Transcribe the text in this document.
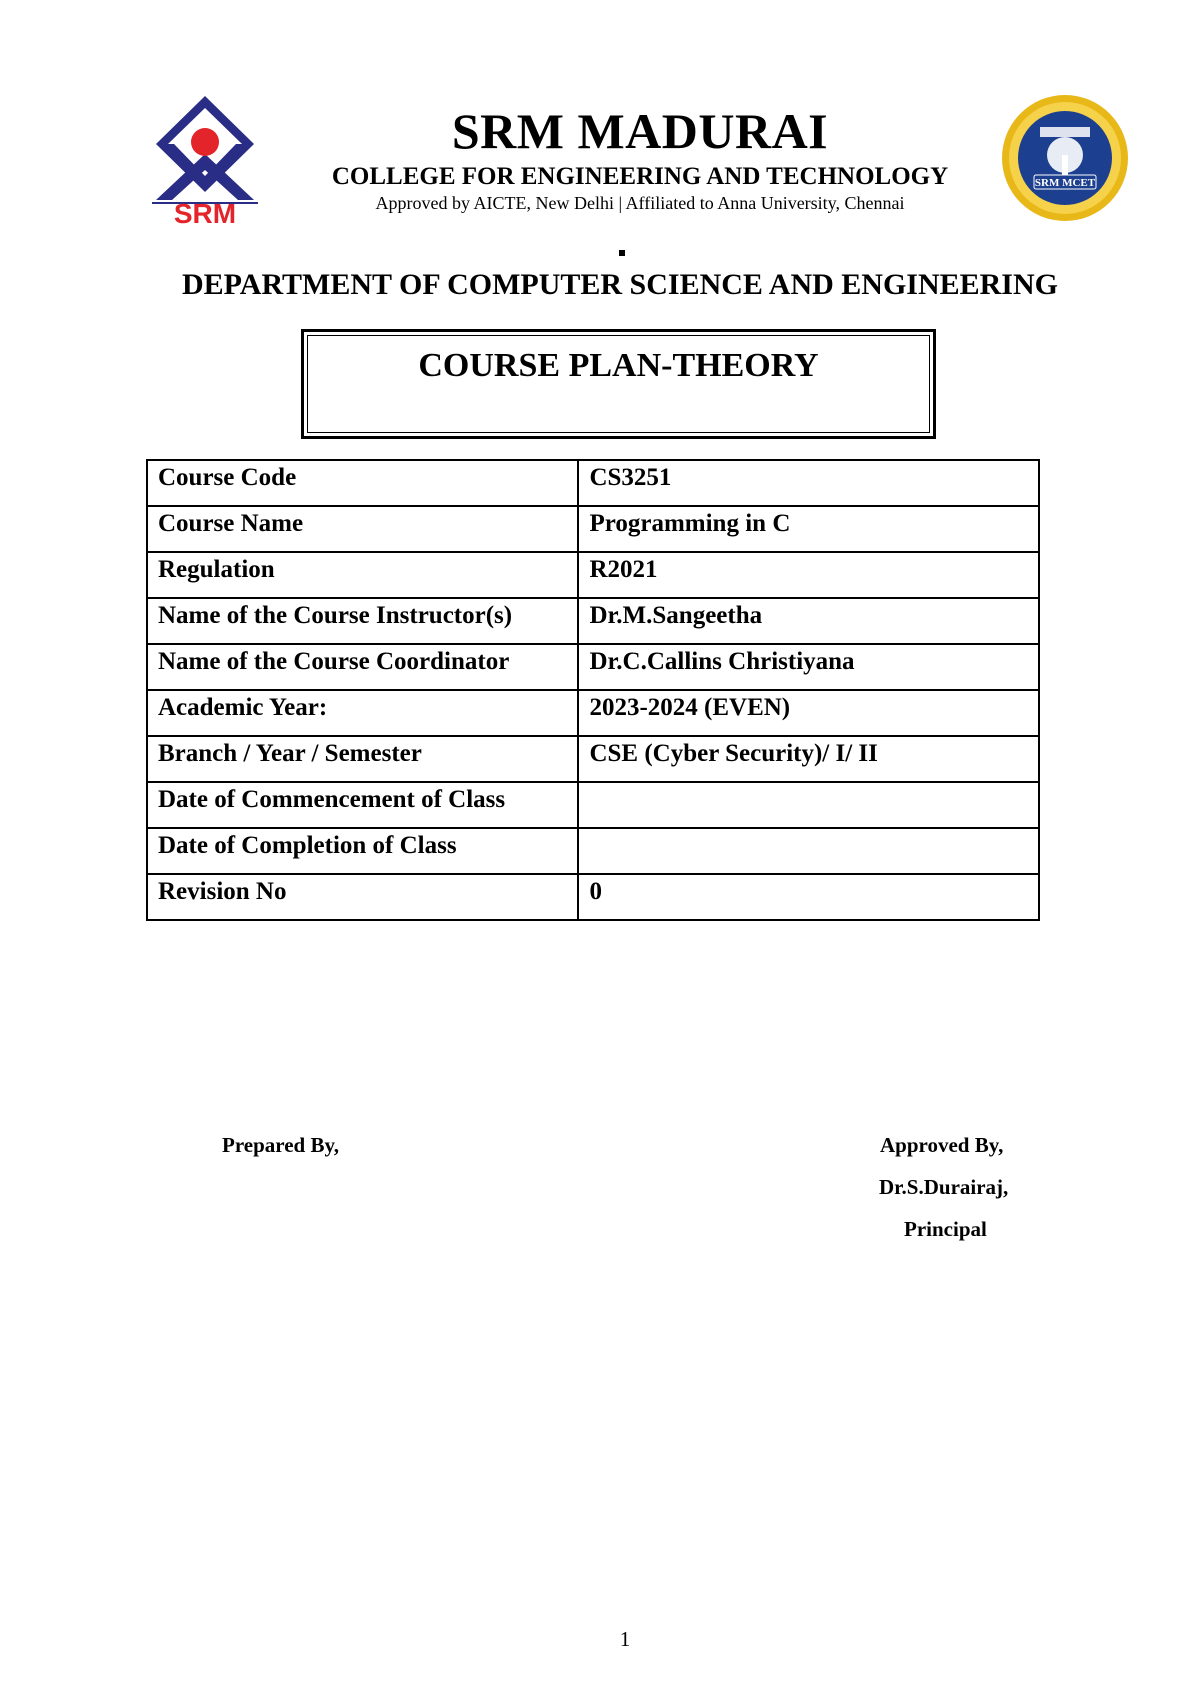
SRM
SRM MADURAI
COLLEGE FOR ENGINEERING AND TECHNOLOGY
Approved by AICTE, New Delhi | Affiliated to Anna University, Chennai
SRM MCET
DEPARTMENT OF COMPUTER SCIENCE AND ENGINEERING
COURSE PLAN-THEORY
Course Code	CS3251
Course Name	Programming in C
Regulation	R2021
Name of the Course Instructor(s)	Dr.M.Sangeetha
Name of the Course Coordinator	Dr.C.Callins Christiyana
Academic Year:	2023-2024 (EVEN)
Branch / Year / Semester	CSE (Cyber Security)/ I/ II
Date of Commencement of Class	
Date of Completion of Class	
Revision No	0
Prepared By,	Approved By,
Dr.S.Durairaj,
Principal
1
